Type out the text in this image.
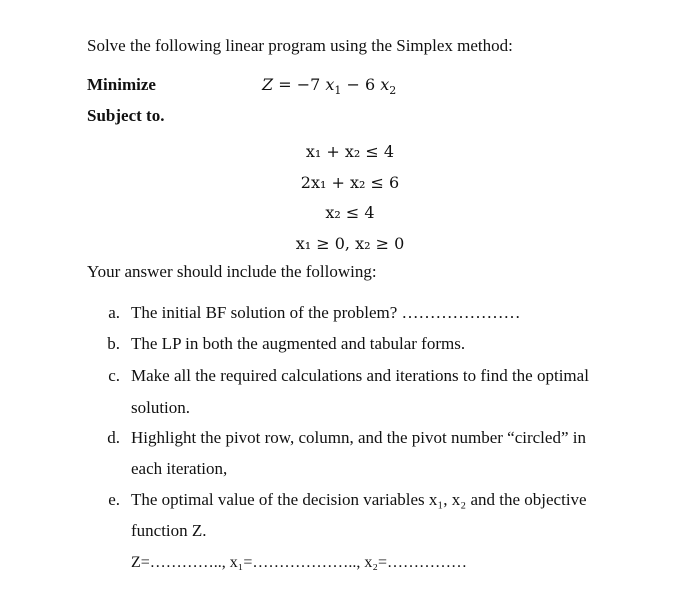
Solve the following linear program using the Simplex method:
Minimize	Z = −7 $x_1 - 6$ $x_2$
Subject to.
x₁ + x₂ ≤ 4
2x₁ + x₂ ≤ 6
x₂ ≤ 4
x₁ ≥ 0, x₂ ≥ 0
Your answer should include the following:
a. The initial BF solution of the problem? …………………
b. The LP in both the augmented and tabular forms.
c. Make all the required calculations and iterations to find the optimal
solution.
d. Highlight the pivot row, column, and the pivot number “circled” in
each iteration,
e. The optimal value of the decision variables x₁, x₂ and the objective
function Z.
Z=………….., x₁=……………….., x₂=……………
